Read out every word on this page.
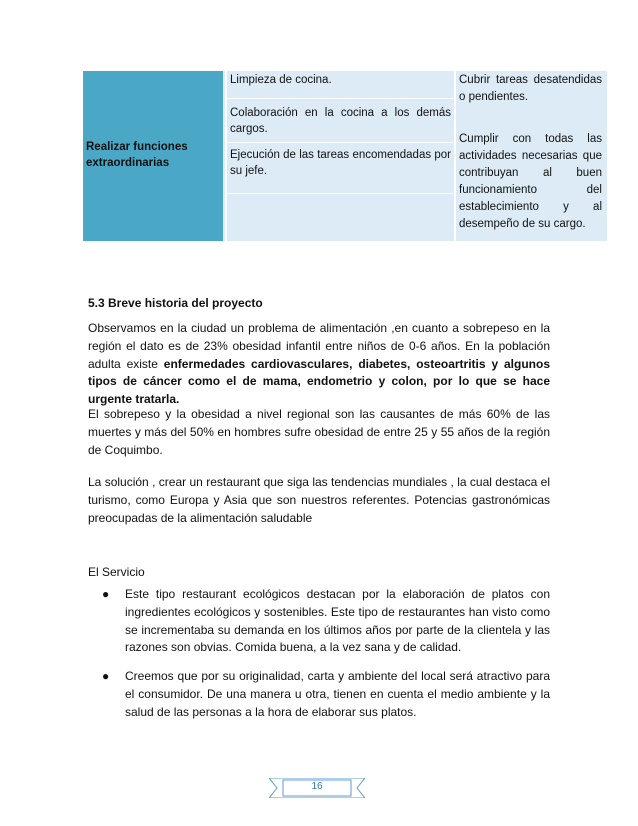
Realizar funciones extraordinarias

Limpieza de cocina.

Colaboración en la cocina a los demás cargos.

Ejecución de las tareas encomendadas por su jefe.

Cubrir tareas desatendidas o pendientes.

Cumplir con todas las actividades necesarias que contribuyan al buen funcionamiento del establecimiento y al desempeño de su cargo.

5.3 Breve historia del proyecto

Observamos en la ciudad un problema de alimentación ,en cuanto a sobrepeso en la región el dato es de 23% obesidad infantil entre niños de 0-6 años. En la población adulta existe enfermedades cardiovasculares, diabetes, osteoartritis y algunos tipos de cáncer como el de mama, endometrio y colon, por lo que se hace urgente tratarla.

El sobrepeso y la obesidad a nivel regional son las causantes de más 60% de las muertes y más del 50% en hombres sufre obesidad de entre 25 y 55 años de la región de Coquimbo.

La solución , crear un restaurant que siga las tendencias mundiales , la cual destaca el turismo, como Europa y Asia que son nuestros referentes. Potencias gastronómicas preocupadas de la alimentación saludable

El Servicio
● Este tipo restaurant ecológicos destacan por la elaboración de platos con ingredientes ecológicos y sostenibles. Este tipo de restaurantes han visto como se incrementaba su demanda en los últimos años por parte de la clientela y las razones son obvias. Comida buena, a la vez sana y de calidad.
● Creemos que por su originalidad, carta y ambiente del local será atractivo para el consumidor. De una manera u otra, tienen en cuenta el medio ambiente y la salud de las personas a la hora de elaborar sus platos.
16
